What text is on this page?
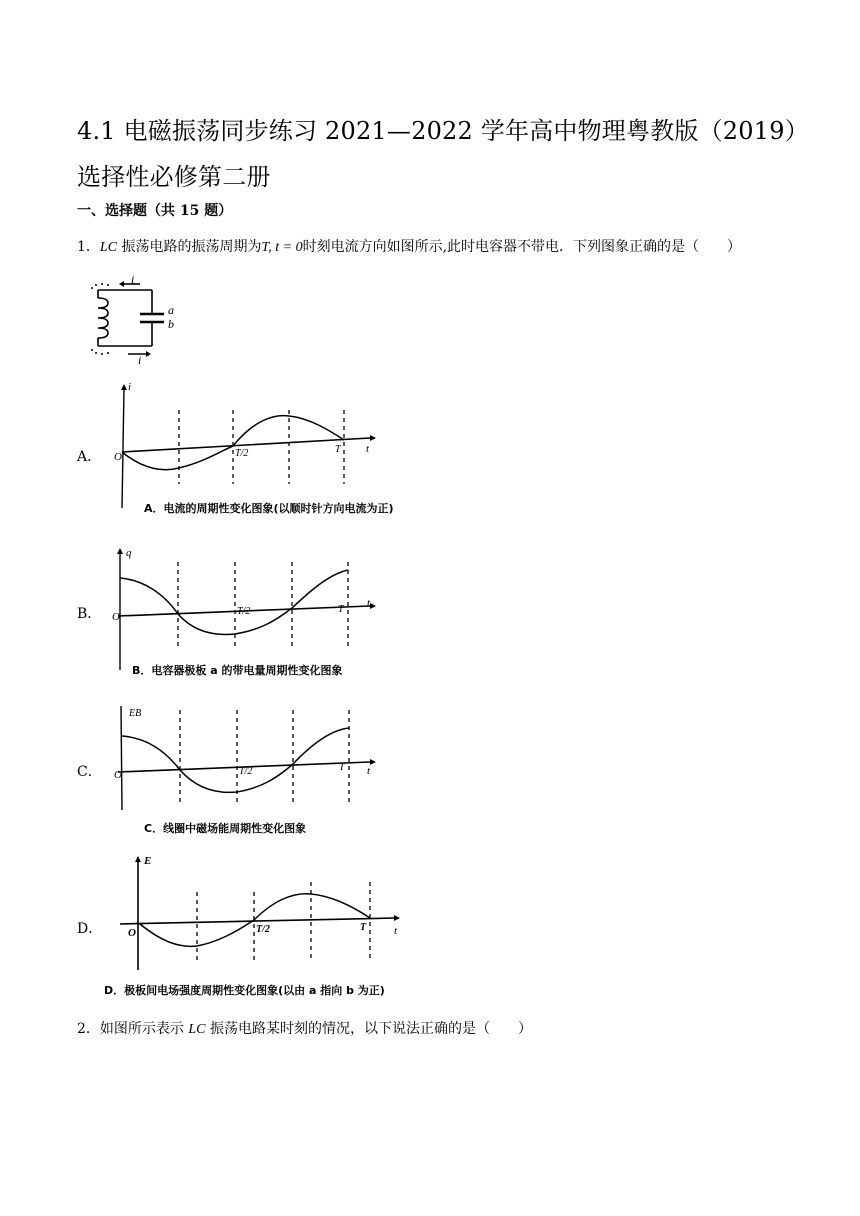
4.1 电磁振荡同步练习 2021—2022 学年高中物理粤教版（2019）选择性必修第二册
一、选择题（共 15 题）
1．LC 振荡电路的振荡周期为T, t = 0时刻电流方向如图所示,此时电容器不带电．下列图象正确的是（　　）
i
i
a
b
A．
i
O	T/2	T t
A．电流的周期性变化图象(以顺时针方向电流为正)
B．
q
O	T/2	T
t
B．电容器极板 a 的带电量周期性变化图象
C．
EB
O	T/2	T t
C．线圈中磁场能周期性变化图象
D．
E
O	T/2	T	t
D．极板间电场强度周期性变化图象(以由 a 指向 b 为正)
2．如图所示表示 LC 振荡电路某时刻的情况，以下说法正确的是（　　）
